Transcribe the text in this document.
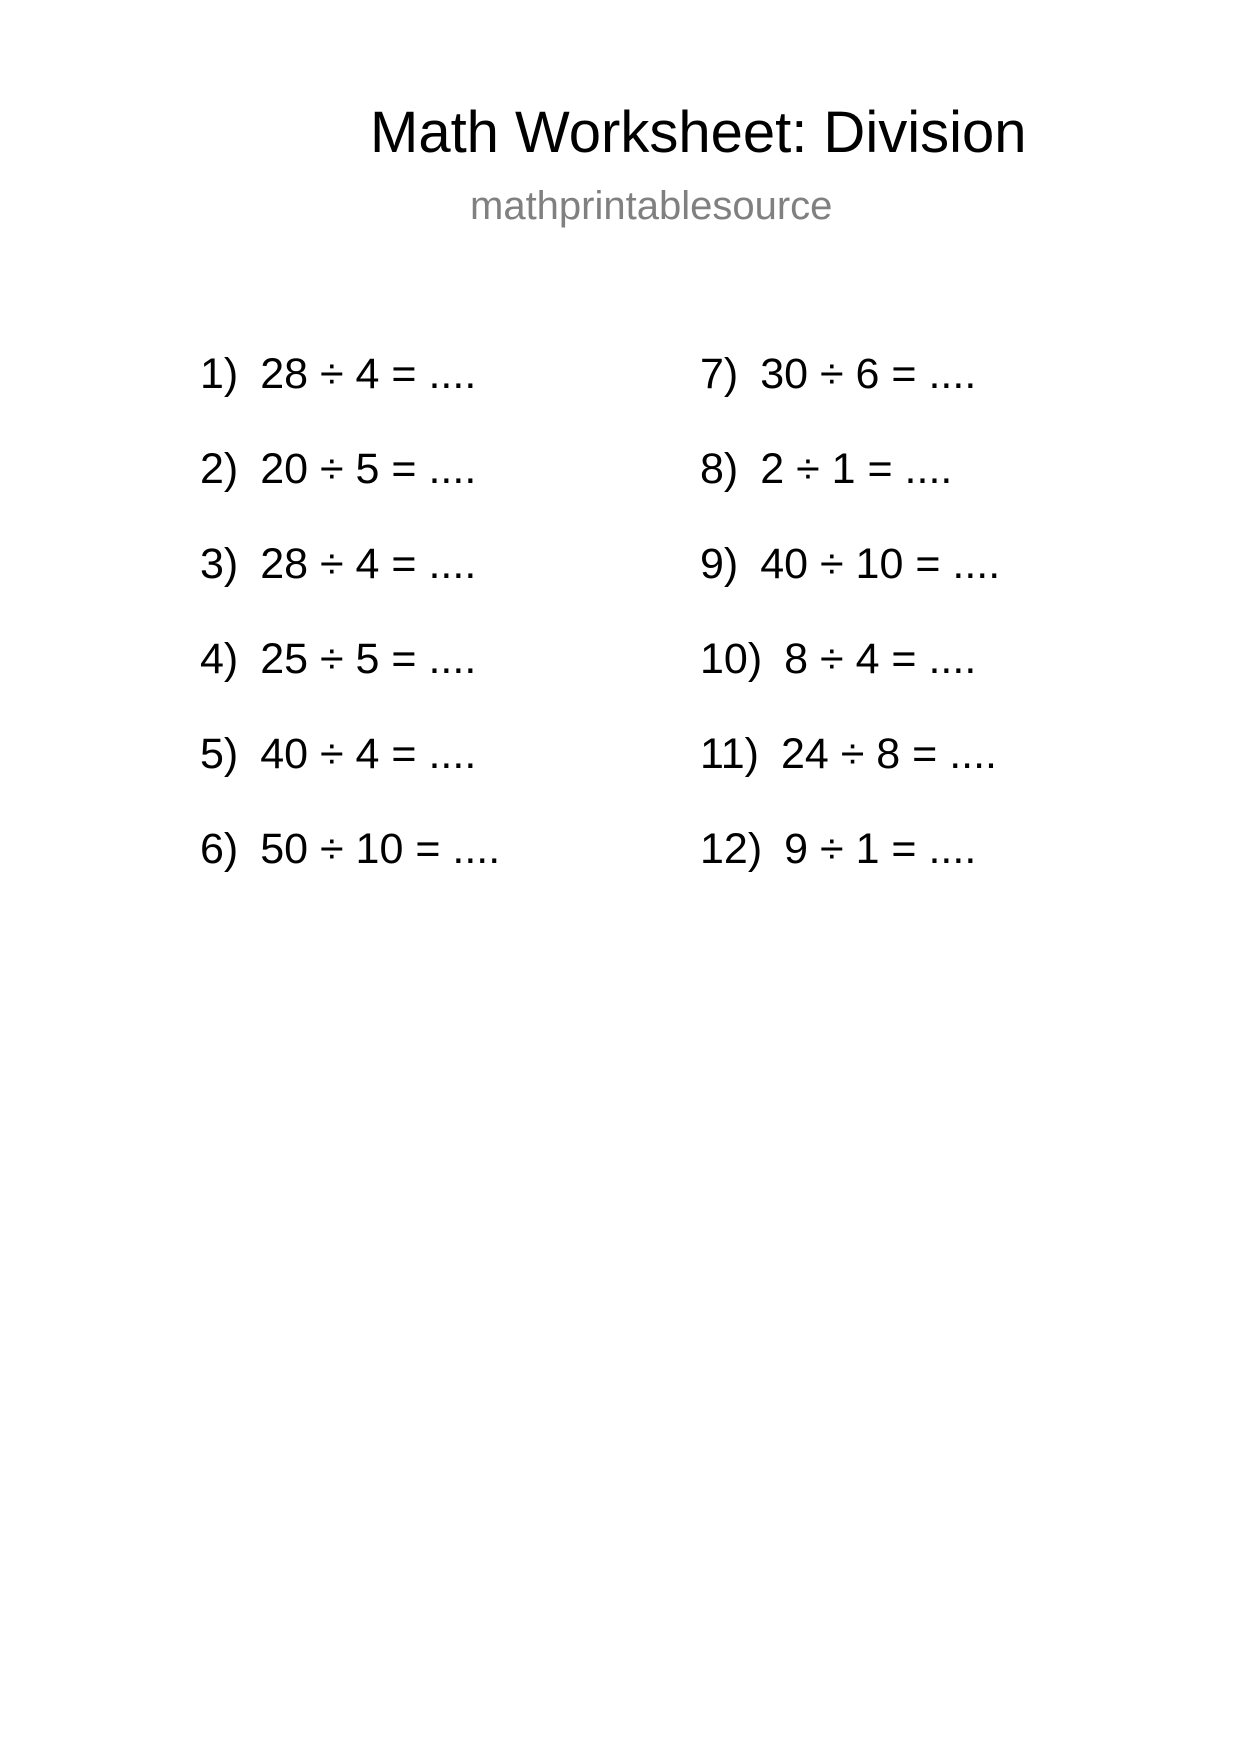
Math Worksheet: Division
mathprintablesource
1) 28 ÷ 4 = ....
2) 20 ÷ 5 = ....
3) 28 ÷ 4 = ....
4) 25 ÷ 5 = ....
5) 40 ÷ 4 = ....
6) 50 ÷ 10 = ....
7) 30 ÷ 6 = ....
8) 2 ÷ 1 = ....
9) 40 ÷ 10 = ....
10) 8 ÷ 4 = ....
11) 24 ÷ 8 = ....
12) 9 ÷ 1 = ....
